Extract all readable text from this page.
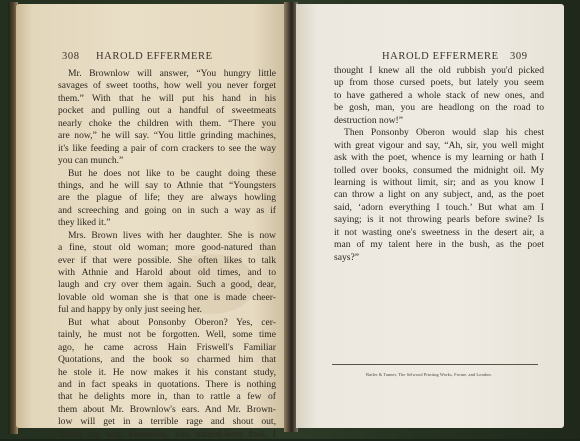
308 HAROLD EFFERMERE
Mr. Brownlow will answer, “You hungry little
savages of sweet tooths, how well you never forget
them.” With that he will put his hand in his
pocket and pulling out a handful of sweetmeats
nearly choke the children with them. “There you
are now,” he will say. “You little grinding machines,
it's like feeding a pair of corn crackers to see the way
you can munch.”
But he does not like to be caught doing these
things, and he will say to Athnie that “Youngsters
are the plague of life; they are always howling
and screeching and going on in such a way as if
they liked it.”
Mrs. Brown lives with her daughter. She is now
a fine, stout old woman; more good-natured than
ever if that were possible. She often likes to talk
with Athnie and Harold about old times, and to
laugh and cry over them again. Such a good, dear,
lovable old woman she is that one is made cheer-
ful and happy by only just seeing her.
But what about Ponsonby Oberon? Yes, cer-
tainly, he must not be forgotten. Well, some time
ago, he came across Hain Friswell's Familiar
Quotations, and the book so charmed him that
he stole it. He now makes it his constant study,
and in fact speaks in quotations. There is nothing
that he delights more in, than to rattle a few of
them about Mr. Brownlow's ears. And Mr. Brown-
low will get in a terrible rage and shout out,
“Dash my wig, Ponsonby, you natural-born fool, I
HAROLD EFFERMERE 309
thought I knew all the old rubbish you'd picked
up from those cursed poets, but lately you seem
to have gathered a whole stack of new ones, and
be gosh, man, you are headlong on the road to
destruction now!”
Then Ponsonby Oberon would slap his chest
with great vigour and say, “Ah, sir, you well might
ask with the poet, whence is my learning or hath I
tolled over books, consumed the midnight oil. My
learning is without limit, sir; and as you know I
can throw a light on any subject, and, as the poet
said, ‘adorn everything I touch.’ But what am I
saying; is it not throwing pearls before swine? Is
it not wasting one's sweetness in the desert air, a
man of my talent here in the bush, as the poet
says?”
Butler & Tanner, The Selwood Printing Works, Frome, and London.
